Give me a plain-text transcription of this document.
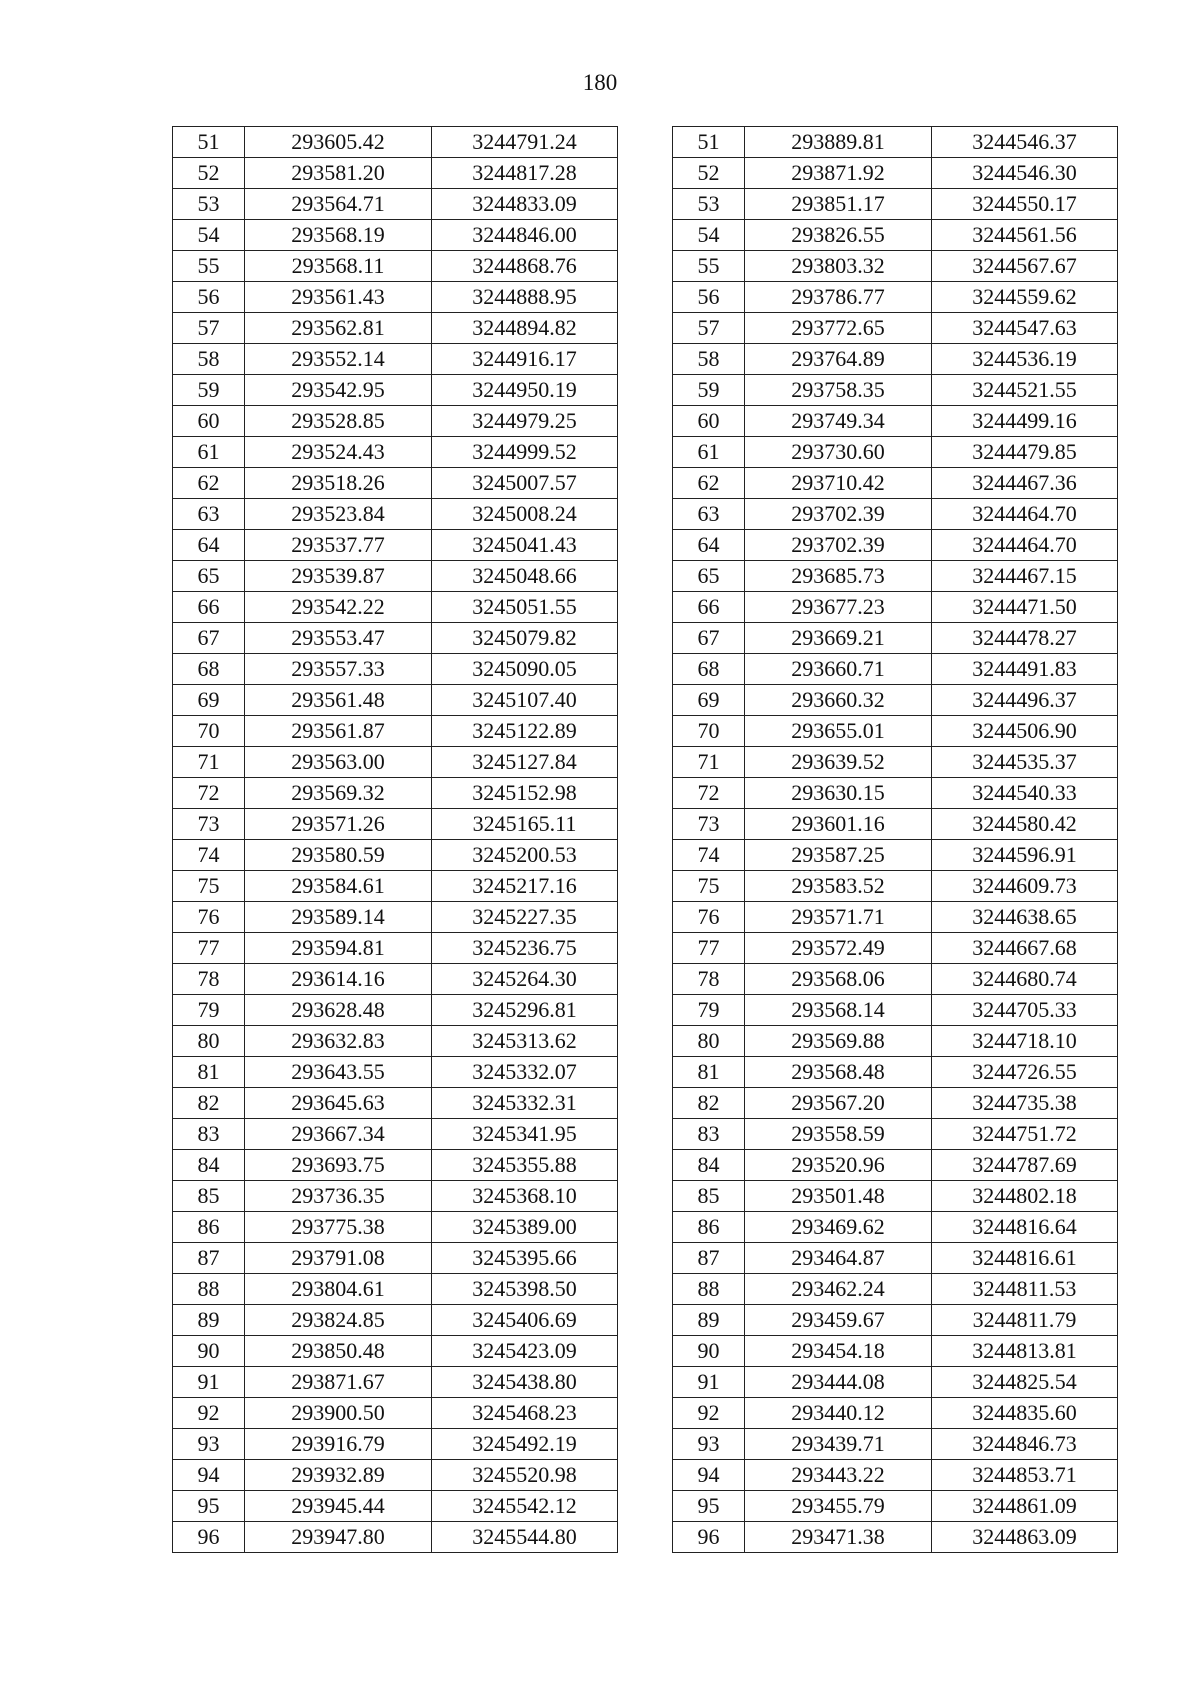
180
51	293605.42	3244791.24
52	293581.20	3244817.28
53	293564.71	3244833.09
54	293568.19	3244846.00
55	293568.11	3244868.76
56	293561.43	3244888.95
57	293562.81	3244894.82
58	293552.14	3244916.17
59	293542.95	3244950.19
60	293528.85	3244979.25
61	293524.43	3244999.52
62	293518.26	3245007.57
63	293523.84	3245008.24
64	293537.77	3245041.43
65	293539.87	3245048.66
66	293542.22	3245051.55
67	293553.47	3245079.82
68	293557.33	3245090.05
69	293561.48	3245107.40
70	293561.87	3245122.89
71	293563.00	3245127.84
72	293569.32	3245152.98
73	293571.26	3245165.11
74	293580.59	3245200.53
75	293584.61	3245217.16
76	293589.14	3245227.35
77	293594.81	3245236.75
78	293614.16	3245264.30
79	293628.48	3245296.81
80	293632.83	3245313.62
81	293643.55	3245332.07
82	293645.63	3245332.31
83	293667.34	3245341.95
84	293693.75	3245355.88
85	293736.35	3245368.10
86	293775.38	3245389.00
87	293791.08	3245395.66
88	293804.61	3245398.50
89	293824.85	3245406.69
90	293850.48	3245423.09
91	293871.67	3245438.80
92	293900.50	3245468.23
93	293916.79	3245492.19
94	293932.89	3245520.98
95	293945.44	3245542.12
96	293947.80	3245544.80
51	293889.81	3244546.37
52	293871.92	3244546.30
53	293851.17	3244550.17
54	293826.55	3244561.56
55	293803.32	3244567.67
56	293786.77	3244559.62
57	293772.65	3244547.63
58	293764.89	3244536.19
59	293758.35	3244521.55
60	293749.34	3244499.16
61	293730.60	3244479.85
62	293710.42	3244467.36
63	293702.39	3244464.70
64	293702.39	3244464.70
65	293685.73	3244467.15
66	293677.23	3244471.50
67	293669.21	3244478.27
68	293660.71	3244491.83
69	293660.32	3244496.37
70	293655.01	3244506.90
71	293639.52	3244535.37
72	293630.15	3244540.33
73	293601.16	3244580.42
74	293587.25	3244596.91
75	293583.52	3244609.73
76	293571.71	3244638.65
77	293572.49	3244667.68
78	293568.06	3244680.74
79	293568.14	3244705.33
80	293569.88	3244718.10
81	293568.48	3244726.55
82	293567.20	3244735.38
83	293558.59	3244751.72
84	293520.96	3244787.69
85	293501.48	3244802.18
86	293469.62	3244816.64
87	293464.87	3244816.61
88	293462.24	3244811.53
89	293459.67	3244811.79
90	293454.18	3244813.81
91	293444.08	3244825.54
92	293440.12	3244835.60
93	293439.71	3244846.73
94	293443.22	3244853.71
95	293455.79	3244861.09
96	293471.38	3244863.09
